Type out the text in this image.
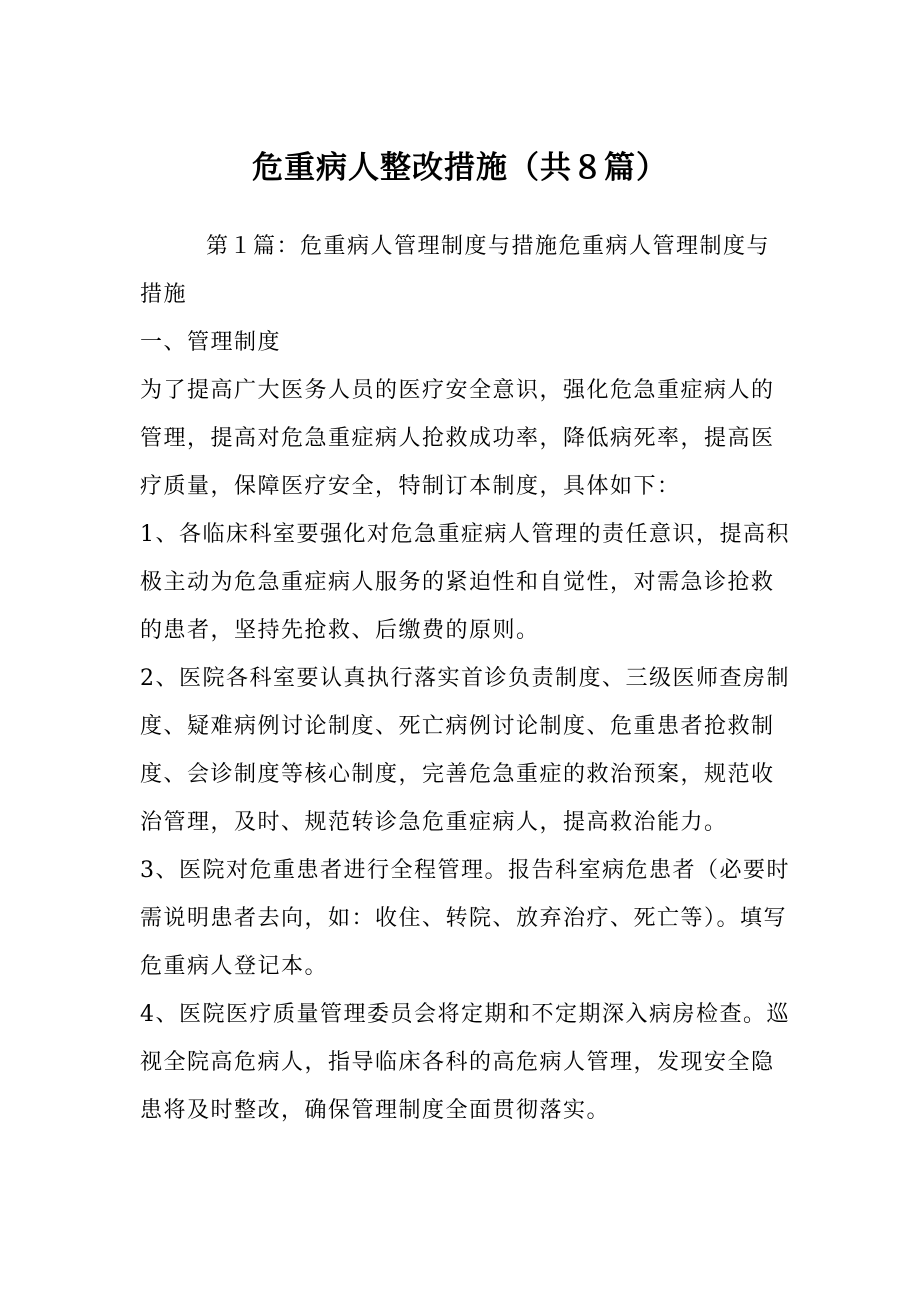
危重病人整改措施（共８篇）

第１篇：危重病人管理制度与措施危重病人管理制度与措施

一、管理制度

为了提高广大医务人员的医疗安全意识，强化危急重症病人的管理，提高对危急重症病人抢救成功率，降低病死率，提高医疗质量，保障医疗安全，特制订本制度，具体如下：

1、各临床科室要强化对危急重症病人管理的责任意识，提高积极主动为危急重症病人服务的紧迫性和自觉性，对需急诊抢救的患者，坚持先抢救、后缴费的原则。

2、医院各科室要认真执行落实首诊负责制度、三级医师查房制度、疑难病例讨论制度、死亡病例讨论制度、危重患者抢救制度、会诊制度等核心制度，完善危急重症的救治预案，规范收治管理，及时、规范转诊急危重症病人，提高救治能力。

3、医院对危重患者进行全程管理。报告科室病危患者（必要时需说明患者去向，如：收住、转院、放弃治疗、死亡等）。填写危重病人登记本。

4、医院医疗质量管理委员会将定期和不定期深入病房检查。巡视全院高危病人，指导临床各科的高危病人管理，发现安全隐患将及时整改，确保管理制度全面贯彻落实。
